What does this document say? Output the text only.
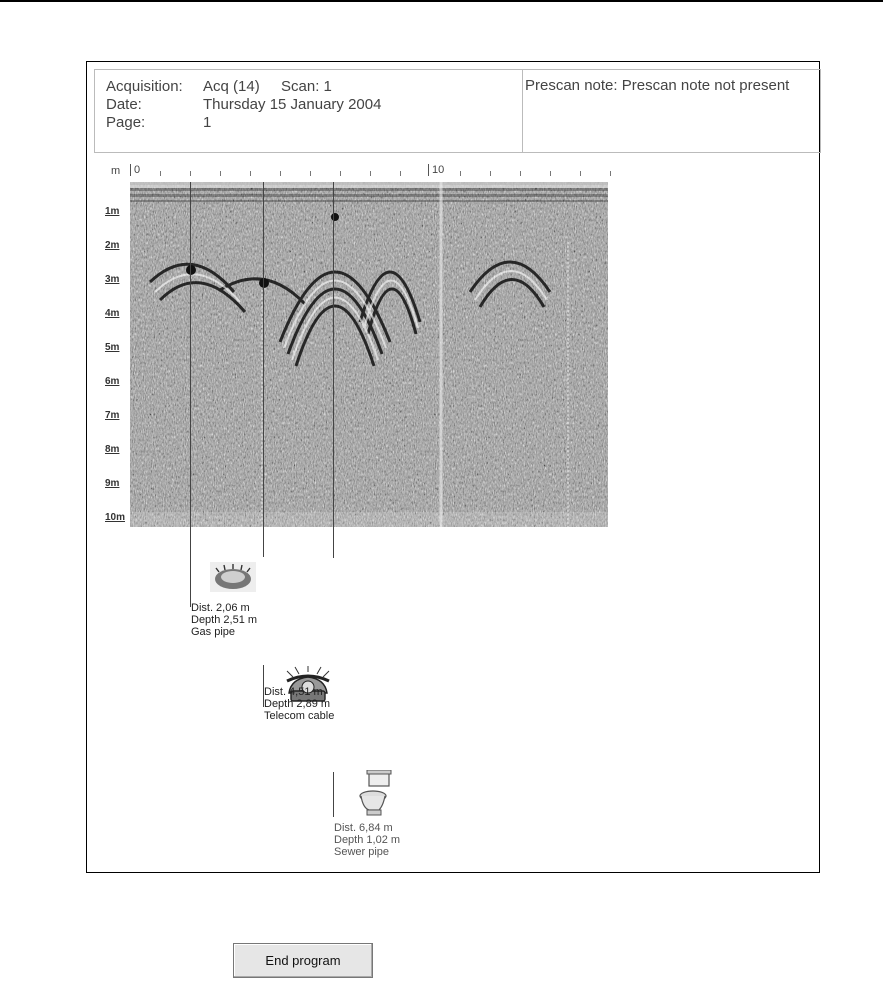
Acquisition: Acq (14) Scan: 1
Date:	Thursday 15 January 2004
Page:	1
Prescan note: Prescan note not present
m 0	10
1m
2m
3m
4m
5m
6m
7m
8m
9m
10m
Dist. 2,06 m
Depth 2,51 m
Gas pipe
Dist. 4,51 m
Depth 2,89 m
Telecom cable
Dist. 6,84 m
Depth 1,02 m
Sewer pipe
End program
